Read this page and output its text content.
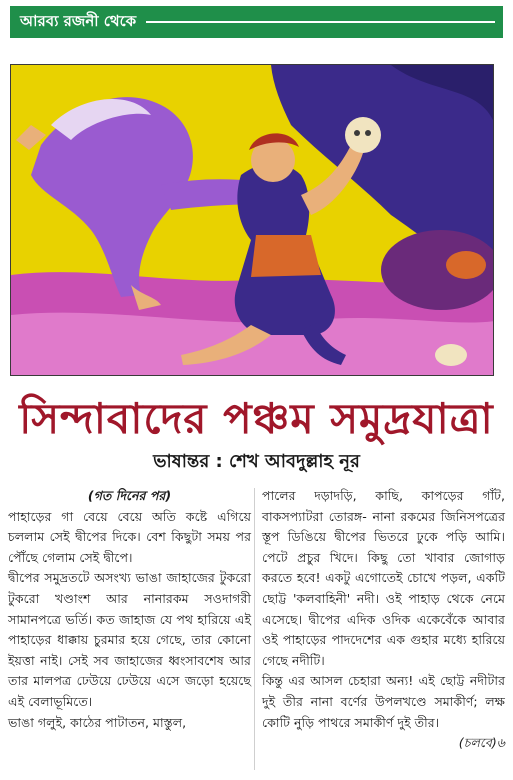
আরব্য রজনী থেকে
সিন্দাবাদের পঞ্চম সমুদ্রযাত্রা
ভাষান্তর : শেখ আবদুল্লাহ নূর

(গত দিনের পর)

পাহাড়ের গা বেয়ে বেয়ে অতি কষ্টে এগিয়ে চললাম সেই দ্বীপের দিকে। বেশ কিছুটা সময় পর পৌঁছে গেলাম সেই দ্বীপে।

দ্বীপের সমুদ্রতটে অসংখ্য ভাঙা জাহাজের টুকরো টুকরো খণ্ডাংশ আর নানারকম সওদাগরী সামানপত্রে ভর্তি। কত জাহাজ যে পথ হারিয়ে এই পাহাড়ের ধাক্কায় চুরমার হয়ে গেছে, তার কোনো ইয়ত্তা নাই। সেই সব জাহাজের ধ্বংসাবশেষ আর তার মালপত্র ঢেউয়ে ঢেউয়ে এসে জড়ো হয়েছে এই বেলাভূমিতে।

ভাঙা গলুই, কাঠের পাটাতন, মাস্তুল,

পালের দড়াদড়ি, কাছি, কাপড়ের গাঁট, বাকসপ্যাটরা তোরঙ্গ- নানা রকমের জিনিসপত্রের স্তূপ ডিঙিয়ে দ্বীপের ভিতরে ঢুকে পড়ি আমি। পেটে প্রচুর খিদে। কিছু তো খাবার জোগাড় করতে হবে! একটু এগোতেই চোখে পড়ল, একটি ছোট্ট 'কলবাহিনী' নদী। ওই পাহাড় থেকে নেমে এসেছে। দ্বীপের এদিক ওদিক একেবেঁকে আবার ওই পাহাড়ের পাদদেশের এক গুহার মধ্যে হারিয়ে গেছে নদীটি।

কিন্তু এর আসল চেহারা অন্য! এই ছোট্ট নদীটার দুই তীর নানা বর্ণের উপলখণ্ডে সমাকীর্ণ; লক্ষ কোটি নুড়ি পাথরে সমাকীর্ণ দুই তীর।

(চলবে)৬
